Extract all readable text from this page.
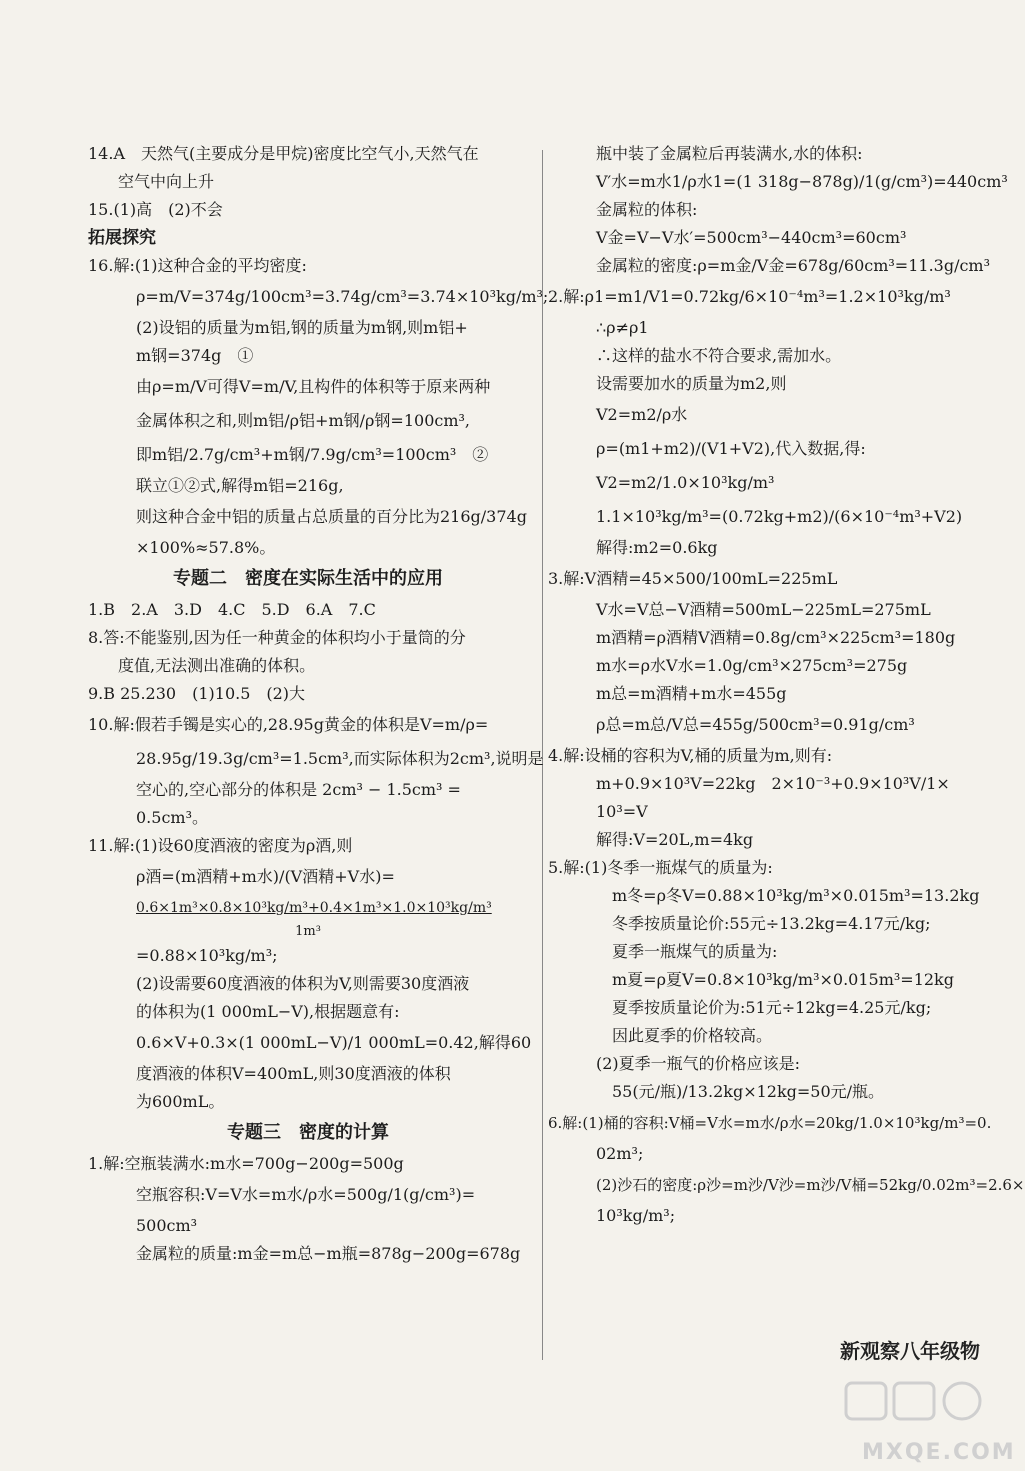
14.A　天然气(主要成分是甲烷)密度比空气小,天然气在
空气中向上升
15.(1)高　(2)不会
拓展探究
16.解:(1)这种合金的平均密度:
ρ=m/V=374g/100cm³=3.74g/cm³=3.74×10³kg/m³;
(2)设铝的质量为m铝,钢的质量为m钢,则m铝+
m钢=374g　①
由ρ=m/V可得V=m/V,且构件的体积等于原来两种
金属体积之和,则m铝/ρ铝+m钢/ρ钢=100cm³,
即m铝/2.7g/cm³+m钢/7.9g/cm³=100cm³　②
联立①②式,解得m铝=216g,
则这种合金中铝的质量占总质量的百分比为216g/374g
×100%≈57.8%。
专题二　密度在实际生活中的应用
1.B　2.A　3.D　4.C　5.D　6.A　7.C
8.答:不能鉴别,因为任一种黄金的体积均小于量筒的分
度值,无法测出准确的体积。
9.B 25.230　(1)10.5　(2)大
10.解:假若手镯是实心的,28.95g黄金的体积是V=m/ρ=
28.95g/19.3g/cm³=1.5cm³,而实际体积为2cm³,说明是
空心的,空心部分的体积是 2cm³ − 1.5cm³ =
0.5cm³。
11.解:(1)设60度酒液的密度为ρ酒,则
ρ酒=(m酒精+m水)/(V酒精+V水)=
0.6×1m³×0.8×10³kg/m³+0.4×1m³×1.0×10³kg/m³
1m³
=0.88×10³kg/m³;
(2)设需要60度酒液的体积为V,则需要30度酒液
的体积为(1 000mL−V),根据题意有:
0.6×V+0.3×(1 000mL−V)/1 000mL=0.42,解得60
度酒液的体积V=400mL,则30度酒液的体积
为600mL。
专题三　密度的计算
1.解:空瓶装满水:m水=700g−200g=500g
空瓶容积:V=V水=m水/ρ水=500g/1(g/cm³)=
500cm³
金属粒的质量:m金=m总−m瓶=878g−200g=678g
瓶中装了金属粒后再装满水,水的体积:
V′水=m水1/ρ水1=(1 318g−878g)/1(g/cm³)=440cm³
金属粒的体积:
V金=V−V水′=500cm³−440cm³=60cm³
金属粒的密度:ρ=m金/V金=678g/60cm³=11.3g/cm³
2.解:ρ1=m1/V1=0.72kg/6×10⁻⁴m³=1.2×10³kg/m³
∴ρ≠ρ1
∴这样的盐水不符合要求,需加水。
设需要加水的质量为m2,则
V2=m2/ρ水
ρ=(m1+m2)/(V1+V2),代入数据,得:
V2=m2/1.0×10³kg/m³
1.1×10³kg/m³=(0.72kg+m2)/(6×10⁻⁴m³+V2)
解得:m2=0.6kg
3.解:V酒精=45×500/100mL=225mL
V水=V总−V酒精=500mL−225mL=275mL
m酒精=ρ酒精V酒精=0.8g/cm³×225cm³=180g
m水=ρ水V水=1.0g/cm³×275cm³=275g
m总=m酒精+m水=455g
ρ总=m总/V总=455g/500cm³=0.91g/cm³
4.解:设桶的容积为V,桶的质量为m,则有:
m+0.9×10³V=22kg　2×10⁻³+0.9×10³V/1×
10³=V
解得:V=20L,m=4kg
5.解:(1)冬季一瓶煤气的质量为:
m冬=ρ冬V=0.88×10³kg/m³×0.015m³=13.2kg
冬季按质量论价:55元÷13.2kg=4.17元/kg;
夏季一瓶煤气的质量为:
m夏=ρ夏V=0.8×10³kg/m³×0.015m³=12kg
夏季按质量论价为:51元÷12kg=4.25元/kg;
因此夏季的价格较高。
(2)夏季一瓶气的价格应该是:
55(元/瓶)/13.2kg×12kg=50元/瓶。
6.解:(1)桶的容积:V桶=V水=m水/ρ水=20kg/1.0×10³kg/m³=0.
02m³;
(2)沙石的密度:ρ沙=m沙/V沙=m沙/V桶=52kg/0.02m³=2.6×
10³kg/m³;
新观察八年级物
MXQE.COM
